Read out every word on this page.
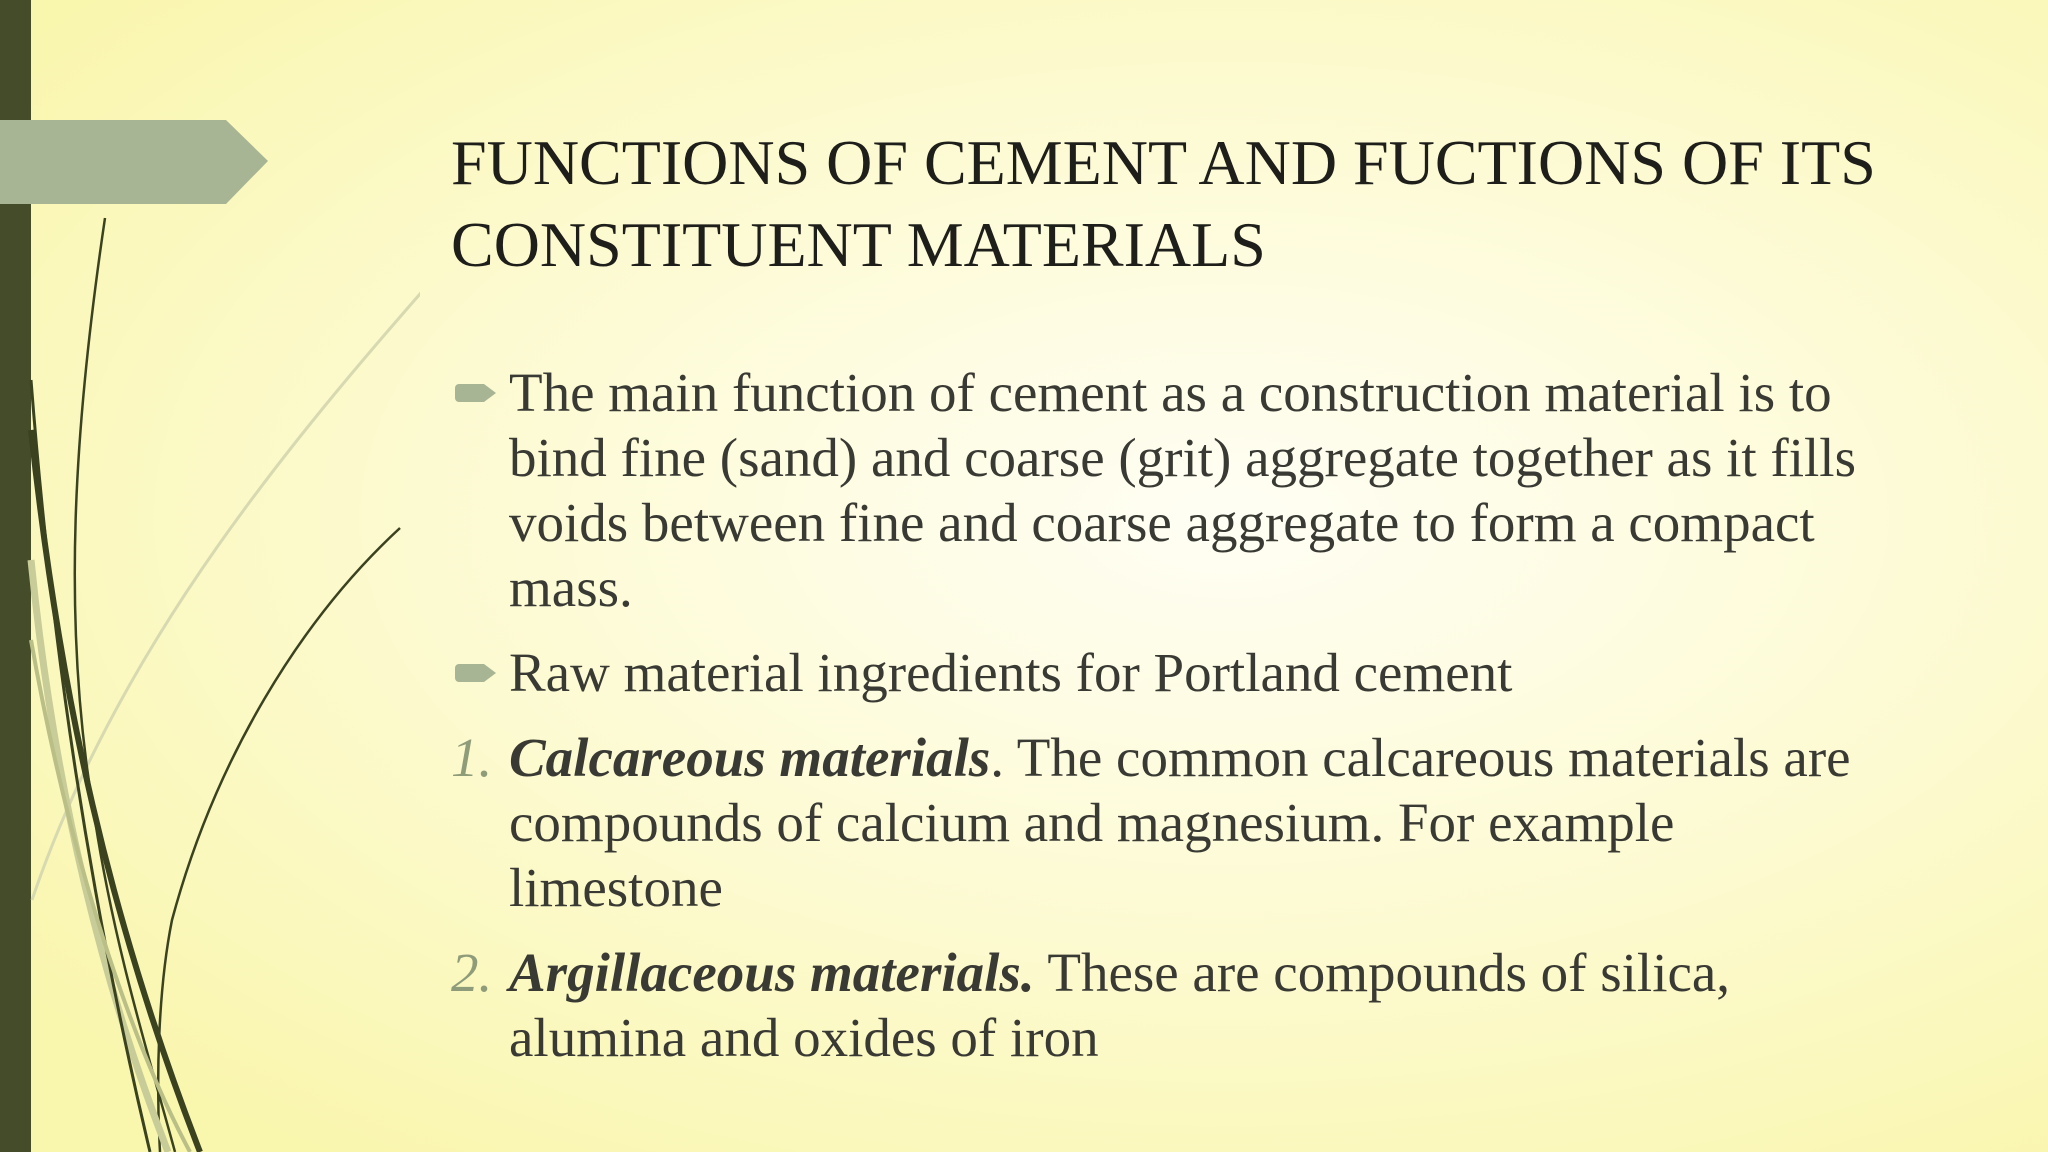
FUNCTIONS OF CEMENT AND FUCTIONS OF ITS CONSTITUENT MATERIALS
The main function of cement as a construction material is to bind fine (sand) and coarse (grit) aggregate together as it fills voids between fine and coarse aggregate to form a compact mass.
Raw material ingredients for Portland cement
1. Calcareous materials. The common calcareous materials are compounds of calcium and magnesium. For example limestone
2. Argillaceous materials. These are compounds of silica, alumina and oxides of iron
